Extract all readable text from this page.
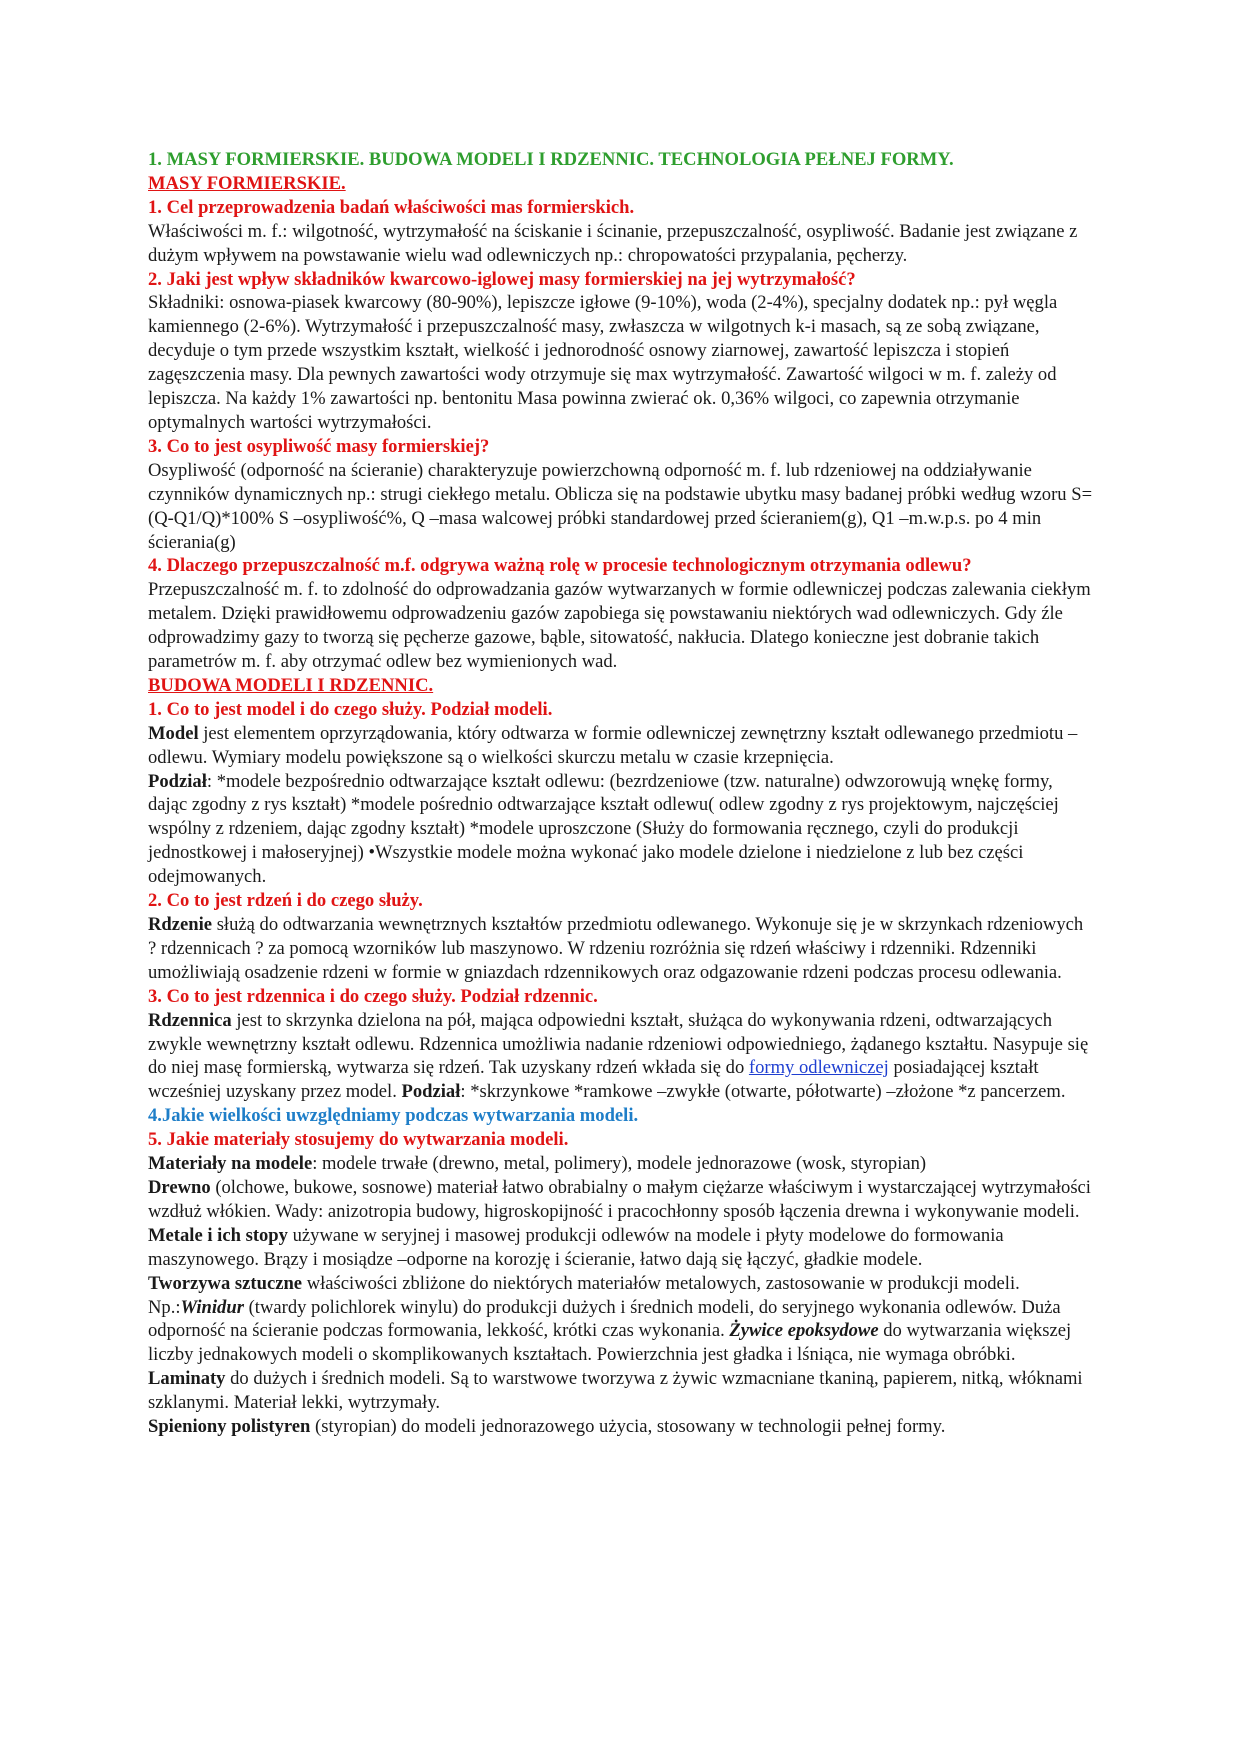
1. MASY FORMIERSKIE. BUDOWA MODELI I RDZENNIC. TECHNOLOGIA PEŁNEJ FORMY.

MASY FORMIERSKIE.

1. Cel przeprowadzenia badań właściwości mas formierskich.

Właściwości m. f.: wilgotność, wytrzymałość na ściskanie i ścinanie, przepuszczalność, osypliwość. Badanie jest związane z dużym wpływem na powstawanie wielu wad odlewniczych np.: chropowatości przypalania, pęcherzy.

2. Jaki jest wpływ składników kwarcowo-iglowej masy formierskiej na jej wytrzymałość?

Składniki: osnowa-piasek kwarcowy (80-90%), lepiszcze igłowe (9-10%), woda (2-4%), specjalny dodatek np.: pył węgla kamiennego (2-6%). Wytrzymałość i przepuszczalność masy, zwłaszcza w wilgotnych k-i masach, są ze sobą związane, decyduje o tym przede wszystkim kształt, wielkość i jednorodność osnowy ziarnowej, zawartość lepiszcza i stopień zagęszczenia masy. Dla pewnych zawartości wody otrzymuje się max wytrzymałość. Zawartość wilgoci w m. f. zależy od lepiszcza. Na każdy 1% zawartości np. bentonitu Masa powinna zwierać ok. 0,36% wilgoci, co zapewnia otrzymanie optymalnych wartości wytrzymałości.

3. Co to jest osypliwość masy formierskiej?

Osypliwość (odporność na ścieranie) charakteryzuje powierzchowną odporność m. f. lub rdzeniowej na oddziaływanie czynników dynamicznych np.: strugi ciekłego metalu. Oblicza się na podstawie ubytku masy badanej próbki według wzoru S=(Q-Q1/Q)*100% S –osypliwość%, Q –masa walcowej próbki standardowej przed ścieraniem(g), Q1 –m.w.p.s. po 4 min ścierania(g)

4. Dlaczego przepuszczalność m.f. odgrywa ważną rolę w procesie technologicznym otrzymania odlewu?

Przepuszczalność m. f. to zdolność do odprowadzania gazów wytwarzanych w formie odlewniczej podczas zalewania ciekłym metalem. Dzięki prawidłowemu odprowadzeniu gazów zapobiega się powstawaniu niektórych wad odlewniczych. Gdy źle odprowadzimy gazy to tworzą się pęcherze gazowe, bąble, sitowatość, nakłucia. Dlatego konieczne jest dobranie takich parametrów m. f. aby otrzymać odlew bez wymienionych wad.

BUDOWA MODELI I RDZENNIC.

1. Co to jest model i do czego służy. Podział modeli.

Model jest elementem oprzyrządowania, który odtwarza w formie odlewniczej zewnętrzny kształt odlewanego przedmiotu –odlewu. Wymiary modelu powiększone są o wielkości skurczu metalu w czasie krzepnięcia.

Podział: *modele bezpośrednio odtwarzające kształt odlewu: (bezrdzeniowe (tzw. naturalne) odwzorowują wnękę formy, dając zgodny z rys kształt) *modele pośrednio odtwarzające kształt odlewu( odlew zgodny z rys projektowym, najczęściej wspólny z rdzeniem, dając zgodny kształt) *modele uproszczone (Służy do formowania ręcznego, czyli do produkcji jednostkowej i małoseryjnej) •Wszystkie modele można wykonać jako modele dzielone i niedzielone z lub bez części odejmowanych.

2. Co to jest rdzeń i do czego służy.

Rdzenie służą do odtwarzania wewnętrznych kształtów przedmiotu odlewanego. Wykonuje się je w skrzynkach rdzeniowych ? rdzennicach ? za pomocą wzorników lub maszynowo. W rdzeniu rozróżnia się rdzeń właściwy i rdzenniki. Rdzenniki umożliwiają osadzenie rdzeni w formie w gniazdach rdzennikowych oraz odgazowanie rdzeni podczas procesu odlewania.

3. Co to jest rdzennica i do czego służy. Podział rdzennic.

Rdzennica jest to skrzynka dzielona na pół, mająca odpowiedni kształt, służąca do wykonywania rdzeni, odtwarzających zwykle wewnętrzny kształt odlewu. Rdzennica umożliwia nadanie rdzeniowi odpowiedniego, żądanego kształtu. Nasypuje się do niej masę formierską, wytwarza się rdzeń. Tak uzyskany rdzeń wkłada się do formy odlewniczej posiadającej kształt wcześniej uzyskany przez model. Podział: *skrzynkowe *ramkowe –zwykłe (otwarte, półotwarte) –złożone *z pancerzem.

4.Jakie wielkości uwzględniamy podczas wytwarzania modeli.

5. Jakie materiały stosujemy do wytwarzania modeli.

Materiały na modele: modele trwałe (drewno, metal, polimery), modele jednorazowe (wosk, styropian)

Drewno (olchowe, bukowe, sosnowe) materiał łatwo obrabialny o małym ciężarze właściwym i wystarczającej wytrzymałości wzdłuż włókien. Wady: anizotropia budowy, higroskopijność i pracochłonny sposób łączenia drewna i wykonywanie modeli.

Metale i ich stopy używane w seryjnej i masowej produkcji odlewów na modele i płyty modelowe do formowania maszynowego. Brązy i mosiądze –odporne na korozję i ścieranie, łatwo dają się łączyć, gładkie modele.

Tworzywa sztuczne właściwości zbliżone do niektórych materiałów metalowych, zastosowanie w produkcji modeli. Np.:Winidur (twardy polichlorek winylu) do produkcji dużych i średnich modeli, do seryjnego wykonania odlewów. Duża odporność na ścieranie podczas formowania, lekkość, krótki czas wykonania. Żywice epoksydowe do wytwarzania większej liczby jednakowych modeli o skomplikowanych kształtach. Powierzchnia jest gładka i lśniąca, nie wymaga obróbki.

Laminaty do dużych i średnich modeli. Są to warstwowe tworzywa z żywic wzmacniane tkaniną, papierem, nitką, włóknami szklanymi. Materiał lekki, wytrzymały.

Spieniony polistyren (styropian) do modeli jednorazowego użycia, stosowany w technologii pełnej formy.
